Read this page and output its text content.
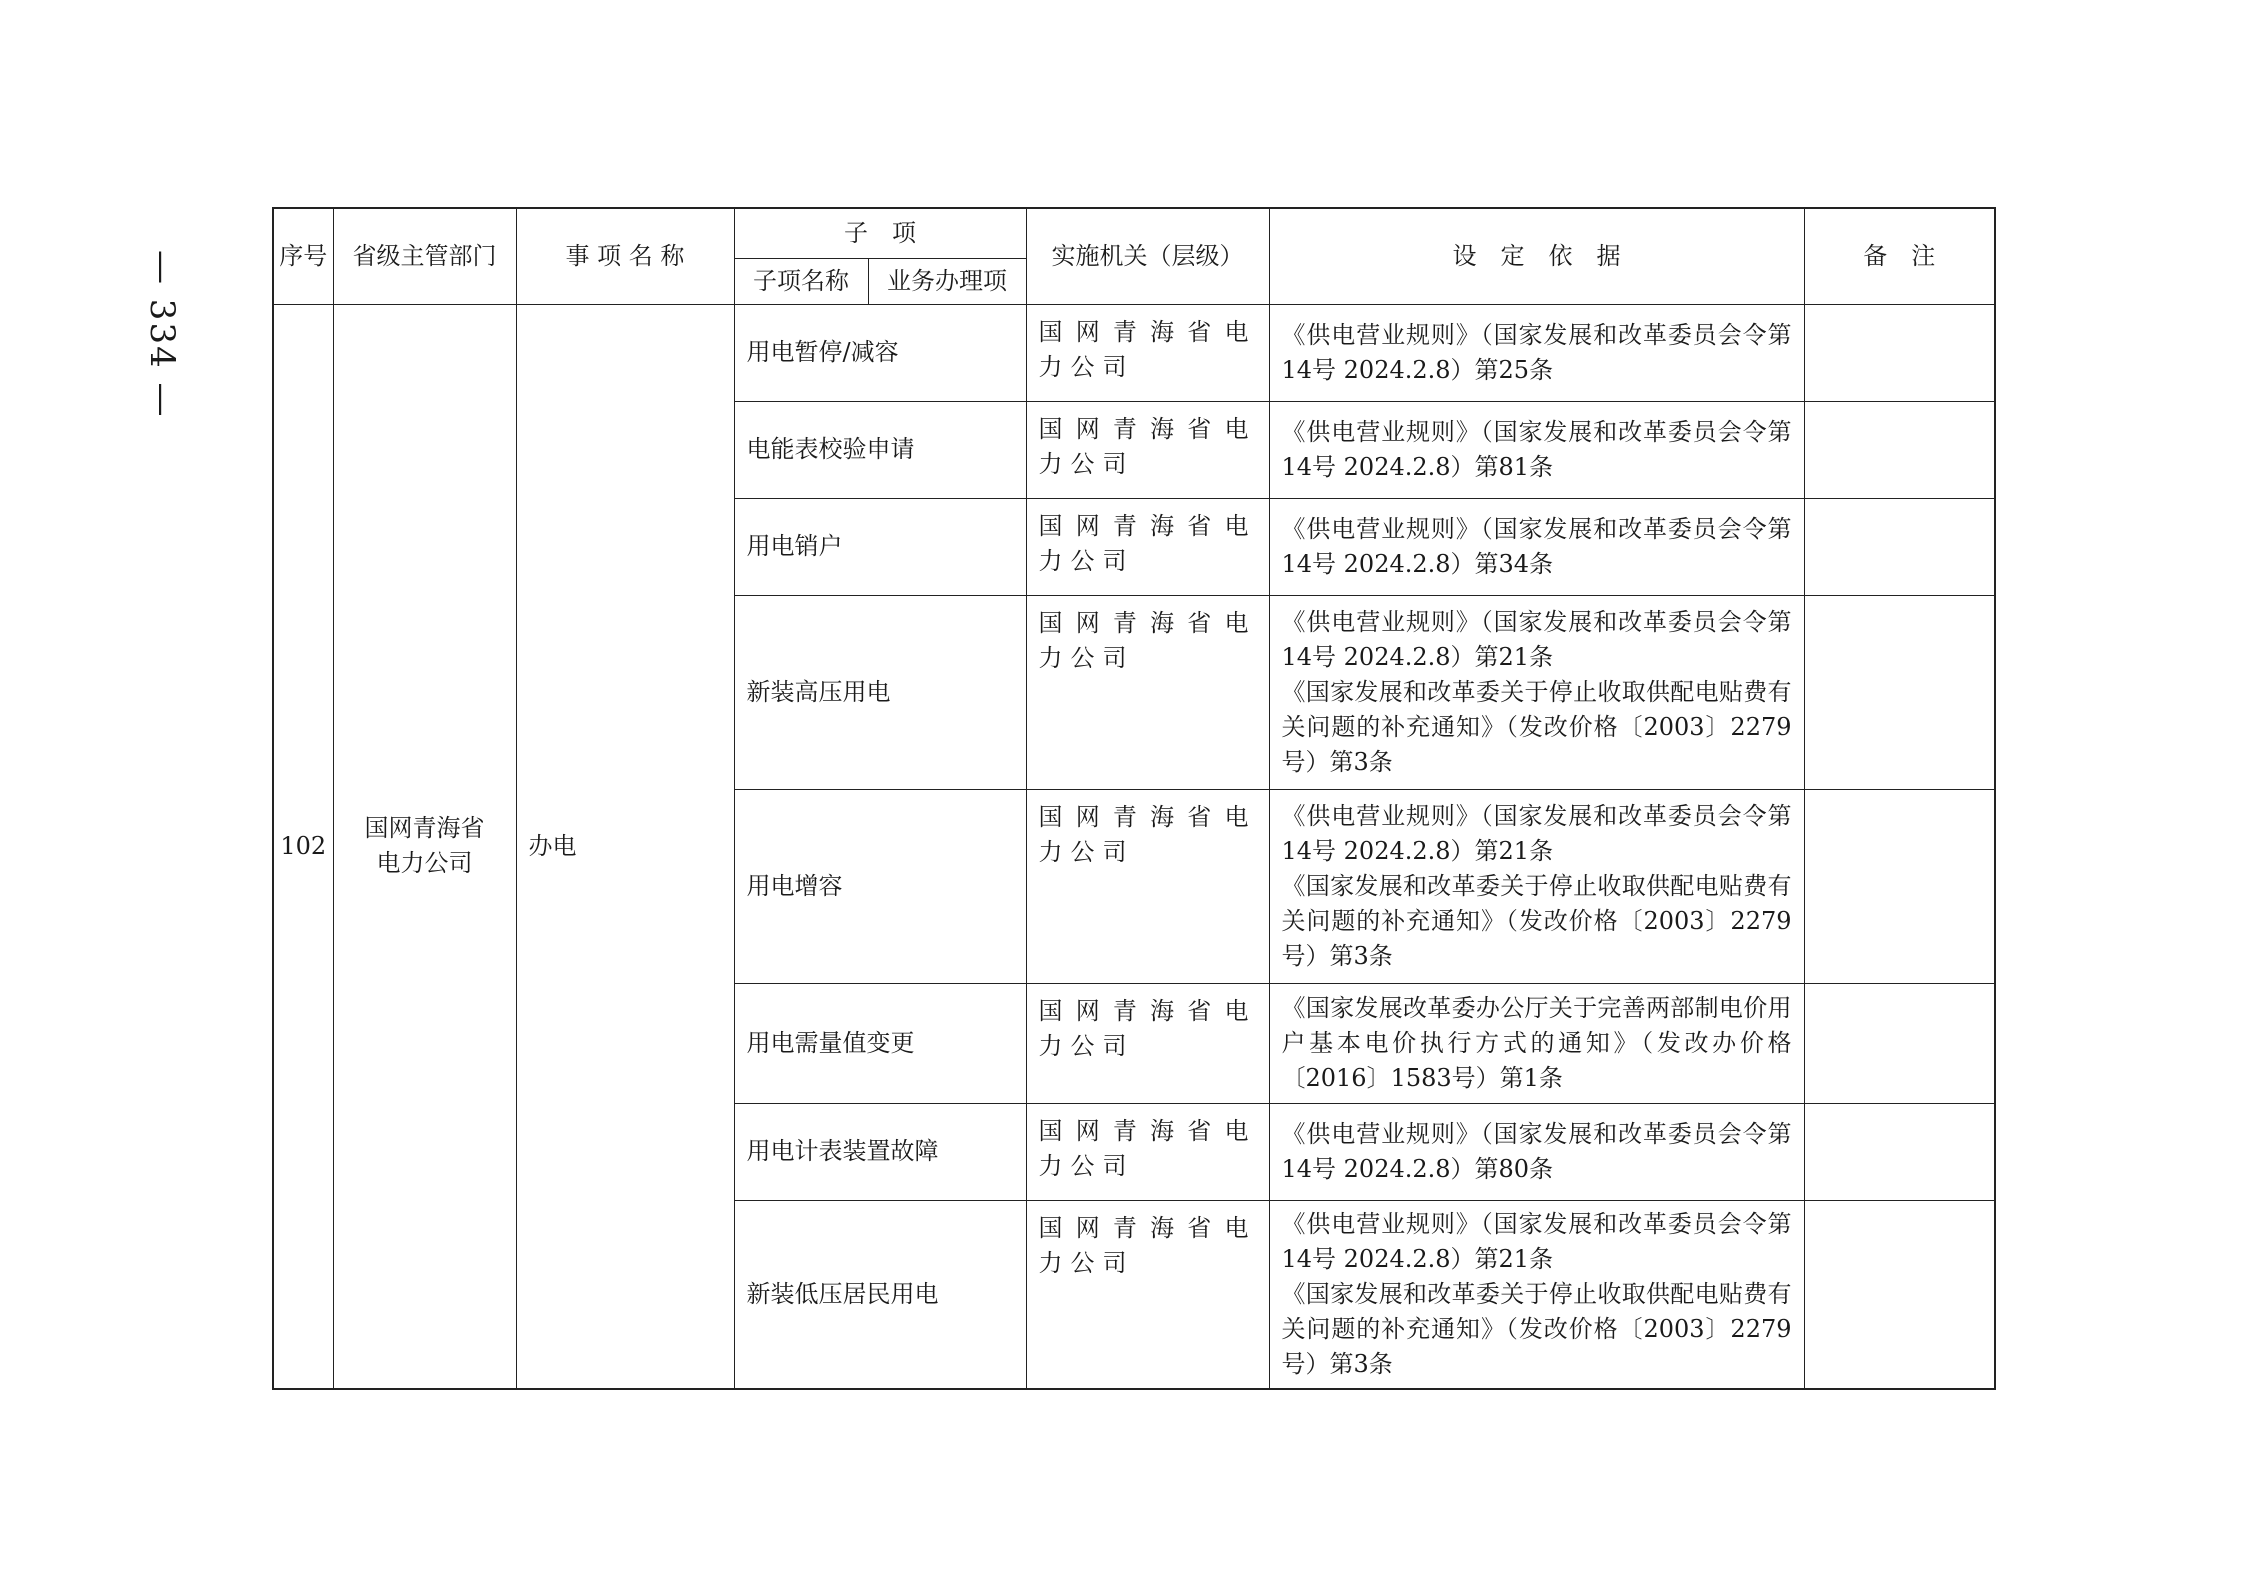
— 334 —	序号	省级主管部门	事 项 名 称	子　项		实施机关（层级）	设　定　依　据	备　注
			子项名称	业务办理项			
102	国网青海省电力公司	办电	用电暂停/减容		国网青海省电力公司	《供电营业规则》（国家发展和改革委员会令第14号 2024.2.8）第25条	

			电能表校验申请		国网青海省电力公司	《供电营业规则》（国家发展和改革委员会令第14号 2024.2.8）第81条	

			用电销户		国网青海省电力公司	《供电营业规则》（国家发展和改革委员会令第14号 2024.2.8）第34条	

			新装高压用电		国网青海省电力公司	《供电营业规则》（国家发展和改革委员会令第14号 2024.2.8）第21条
《国家发展和改革委关于停止收取供配电贴费有关问题的补充通知》（发改价格〔2003〕2279号）第3条	

			用电增容		国网青海省电力公司	《供电营业规则》（国家发展和改革委员会令第14号 2024.2.8）第21条
《国家发展和改革委关于停止收取供配电贴费有关问题的补充通知》（发改价格〔2003〕2279号）第3条	

			用电需量值变更		国网青海省电力公司	《国家发展改革委办公厅关于完善两部制电价用户基本电价执行方式的通知》（发改办价格〔2016〕1583号）第1条	

			用电计表装置故障		国网青海省电力公司	《供电营业规则》（国家发展和改革委员会令第14号 2024.2.8）第80条	

			新装低压居民用电		国网青海省电力公司	《供电营业规则》（国家发展和改革委员会令第14号 2024.2.8）第21条
《国家发展和改革委关于停止收取供配电贴费有关问题的补充通知》（发改价格〔2003〕2279号）第3条	
